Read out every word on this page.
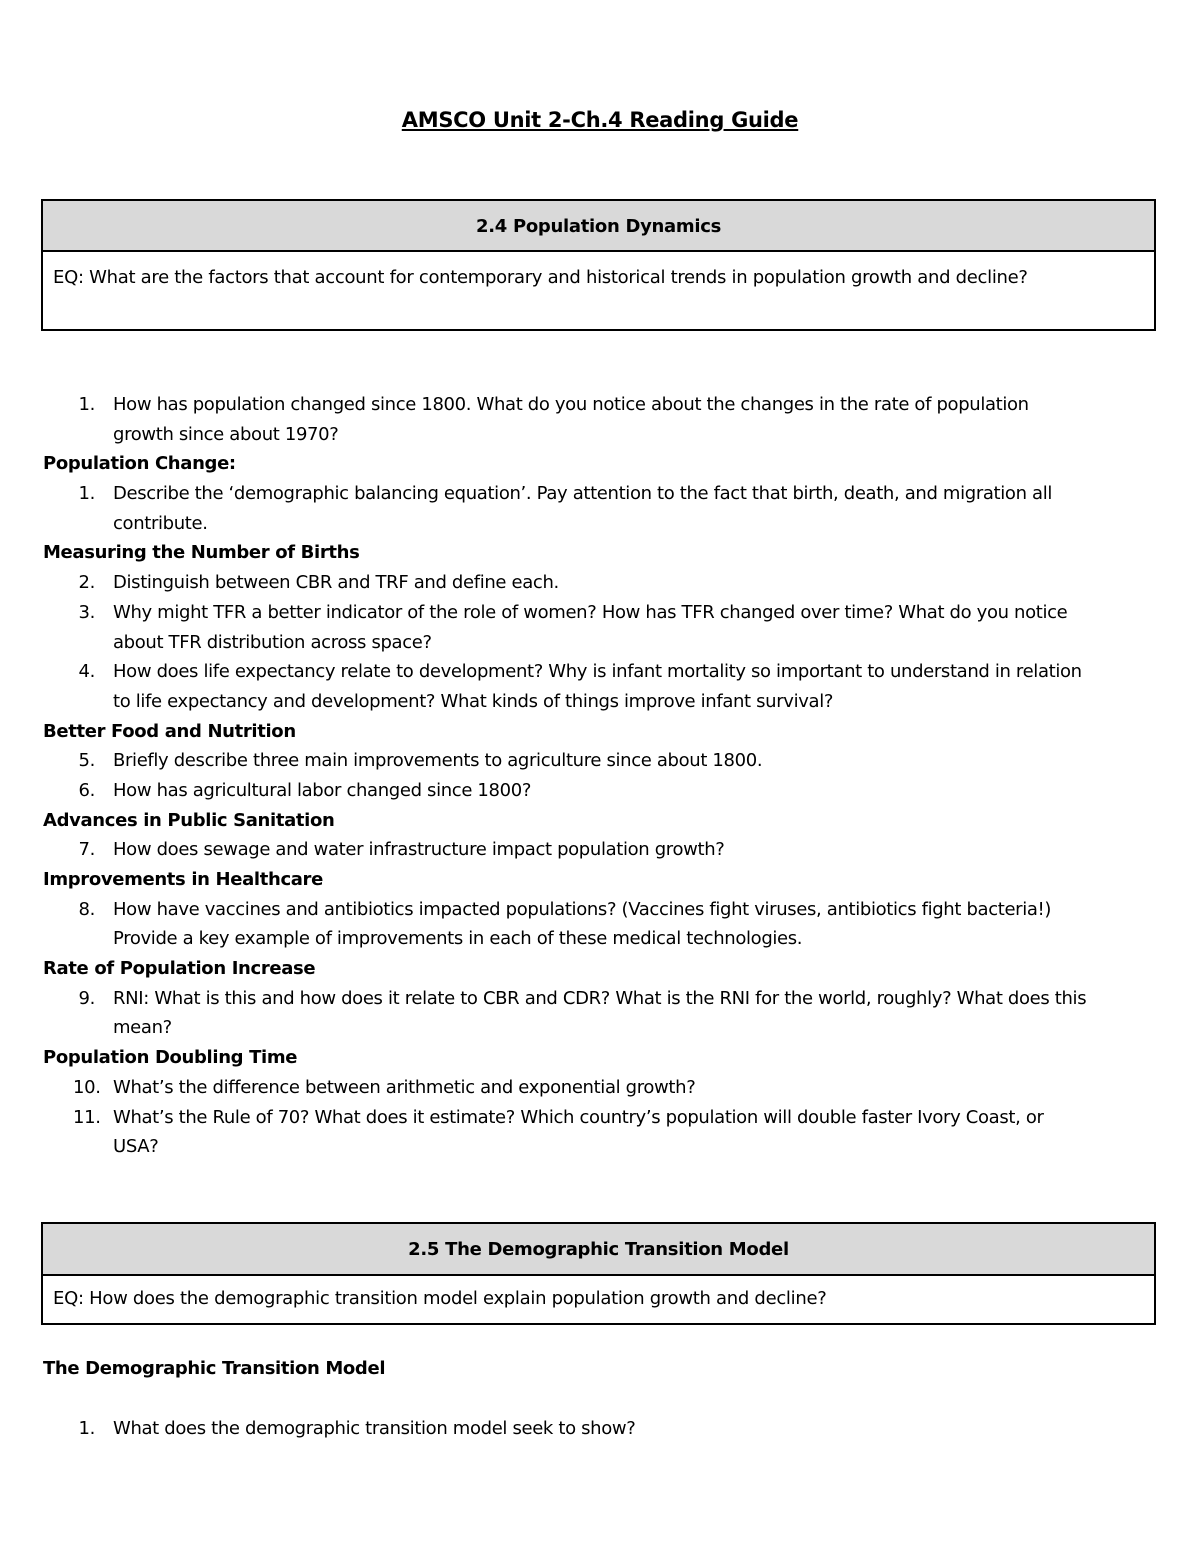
AMSCO Unit 2-Ch.4 Reading Guide
2.4 Population Dynamics
EQ: What are the factors that account for contemporary and historical trends in population growth and decline?
1. How has population changed since 1800. What do you notice about the changes in the rate of population
growth since about 1970?
Population Change:
1. Describe the ‘demographic balancing equation’. Pay attention to the fact that birth, death, and migration all
contribute.
Measuring the Number of Births
2. Distinguish between CBR and TRF and define each.
3. Why might TFR a better indicator of the role of women? How has TFR changed over time? What do you notice
about TFR distribution across space?
4. How does life expectancy relate to development? Why is infant mortality so important to understand in relation
to life expectancy and development? What kinds of things improve infant survival?
Better Food and Nutrition
5. Briefly describe three main improvements to agriculture since about 1800.
6. How has agricultural labor changed since 1800?
Advances in Public Sanitation
7. How does sewage and water infrastructure impact population growth?
Improvements in Healthcare
8. How have vaccines and antibiotics impacted populations? (Vaccines fight viruses, antibiotics fight bacteria!)
Provide a key example of improvements in each of these medical technologies.
Rate of Population Increase
9. RNI: What is this and how does it relate to CBR and CDR? What is the RNI for the world, roughly? What does this
mean?
Population Doubling Time
10. What’s the difference between arithmetic and exponential growth?
11. What’s the Rule of 70? What does it estimate? Which country’s population will double faster Ivory Coast, or
USA?
2.5 The Demographic Transition Model
EQ: How does the demographic transition model explain population growth and decline?
The Demographic Transition Model
1. What does the demographic transition model seek to show?
